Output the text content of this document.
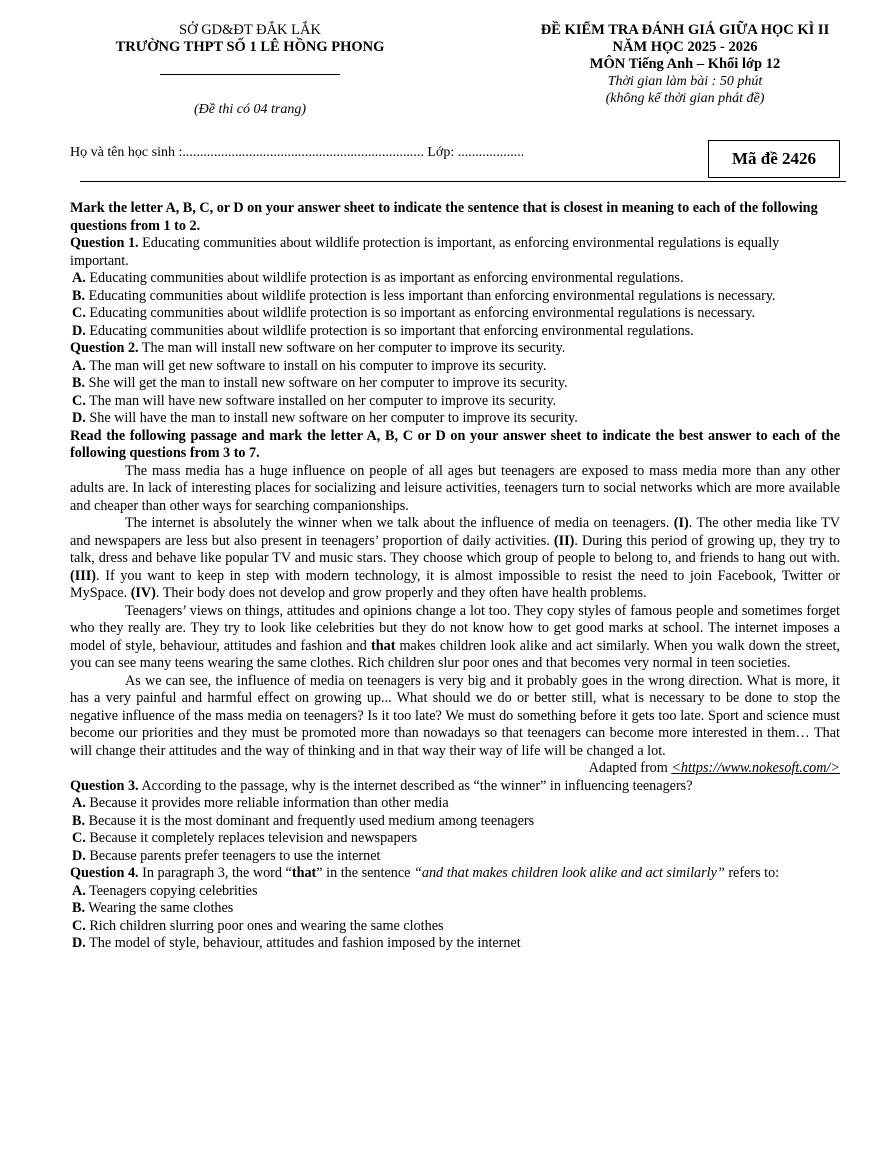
SỞ GD&ĐT ĐẮK LẮK
TRƯỜNG THPT SỐ 1 LÊ HỒNG PHONG
(Đề thi có 04 trang)
ĐỀ KIỂM TRA ĐÁNH GIÁ GIỮA HỌC KÌ II
NĂM HỌC 2025 - 2026
MÔN Tiếng Anh – Khối lớp 12
Thời gian làm bài : 50 phút
(không kể thời gian phát đề)
Họ và tên học sinh :..................................................................... Lớp: ...................	Mã đề 2426

Mark the letter A, B, C, or D on your answer sheet to indicate the sentence that is closest in meaning to each of the following questions from 1 to 2.

Question 1. Educating communities about wildlife protection is important, as enforcing environmental regulations is equally important.

A. Educating communities about wildlife protection is as important as enforcing environmental regulations.

B. Educating communities about wildlife protection is less important than enforcing environmental regulations is necessary.

C. Educating communities about wildlife protection is so important as enforcing environmental regulations is necessary.

D. Educating communities about wildlife protection is so important that enforcing environmental regulations.

Question 2. The man will install new software on her computer to improve its security.

A. The man will get new software to install on his computer to improve its security.

B. She will get the man to install new software on her computer to improve its security.

C. The man will have new software installed on her computer to improve its security.

D. She will have the man to install new software on her computer to improve its security.

Read the following passage and mark the letter A, B, C or D on your answer sheet to indicate the best answer to each of the following questions from 3 to 7.

The mass media has a huge influence on people of all ages but teenagers are exposed to mass media more than any other adults are. In lack of interesting places for socializing and leisure activities, teenagers turn to social networks which are more available and cheaper than other ways for searching companionships.

The internet is absolutely the winner when we talk about the influence of media on teenagers. (I). The other media like TV and newspapers are less but also present in teenagers’ proportion of daily activities. (II). During this period of growing up, they try to talk, dress and behave like popular TV and music stars. They choose which group of people to belong to, and friends to hang out with.(III). If you want to keep in step with modern technology, it is almost impossible to resist the need to join Facebook, Twitter or MySpace. (IV). Their body does not develop and grow properly and they often have health problems.

Teenagers’ views on things, attitudes and opinions change a lot too. They copy styles of famous people and sometimes forget who they really are. They try to look like celebrities but they do not know how to get good marks at school. The internet imposes a model of style, behaviour, attitudes and fashion and that makes children look alike and act similarly. When you walk down the street, you can see many teens wearing the same clothes. Rich children slur poor ones and that becomes very normal in teen societies.

As we can see, the influence of media on teenagers is very big and it probably goes in the wrong direction. What is more, it has a very painful and harmful effect on growing up... What should we do or better still, what is necessary to be done to stop the negative influence of the mass media on teenagers? Is it too late? We must do something before it gets too late. Sport and science must become our priorities and they must be promoted more than nowadays so that teenagers can become more interested in them… That will change their attitudes and the way of thinking and in that way their way of life will be changed a lot.

Adapted from <https://www.nokesoft.com/>

Question 3. According to the passage, why is the internet described as “the winner” in influencing teenagers?

A. Because it provides more reliable information than other media

B. Because it is the most dominant and frequently used medium among teenagers

C. Because it completely replaces television and newspapers

D. Because parents prefer teenagers to use the internet

Question 4. In paragraph 3, the word “that” in the sentence “and that makes children look alike and act similarly” refers to:

A. Teenagers copying celebrities

B. Wearing the same clothes

C. Rich children slurring poor ones and wearing the same clothes

D. The model of style, behaviour, attitudes and fashion imposed by the internet
